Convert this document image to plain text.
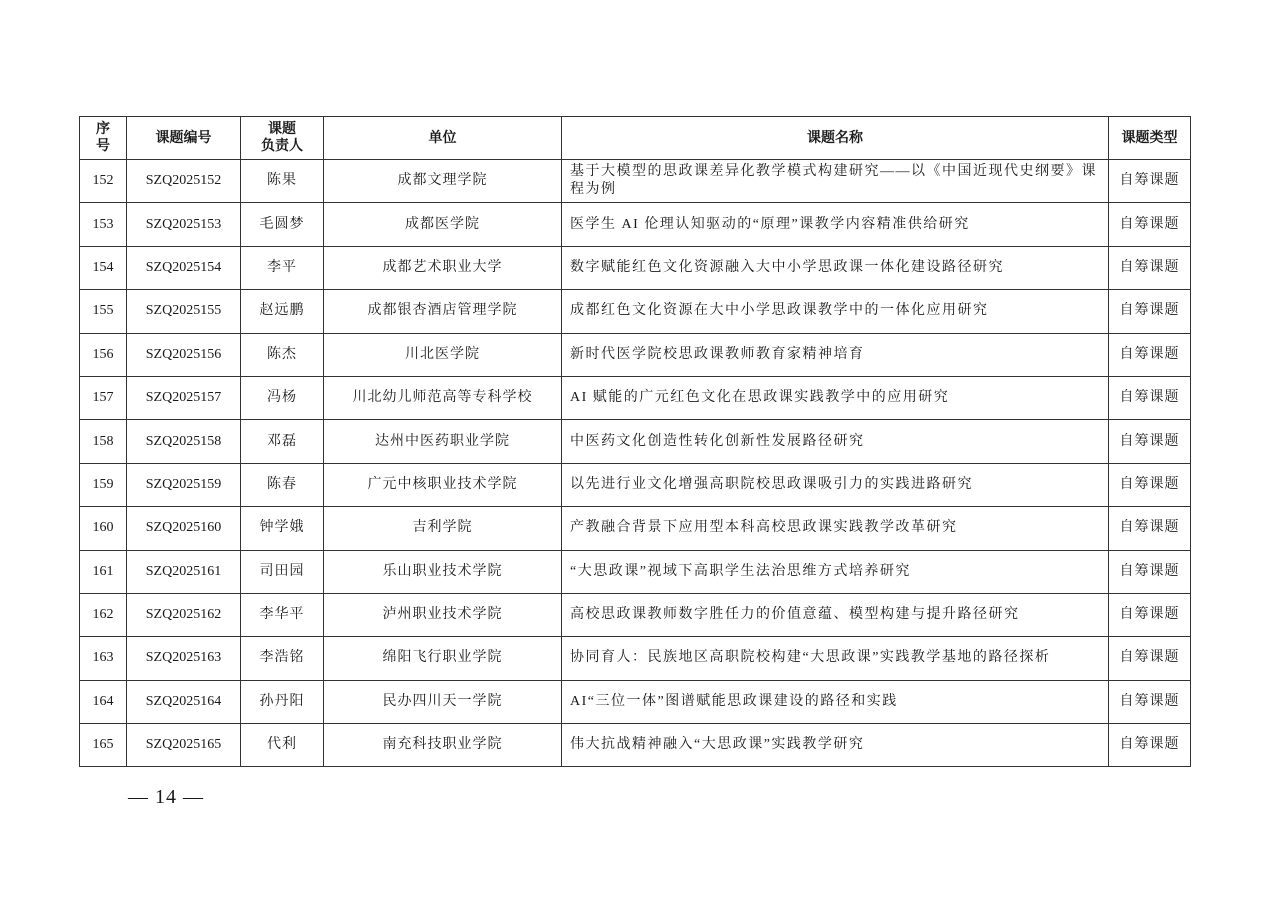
序
号	课题编号	课题负责人	单位	课题名称	课题类型
152	SZQ2025152	陈果	成都文理学院	基于大模型的思政课差异化教学模式构建研究——以《中国近现代史纲要》课程为例	自筹课题
153	SZQ2025153	毛圆梦	成都医学院	医学生 AI 伦理认知驱动的“原理”课教学内容精准供给研究	自筹课题
154	SZQ2025154	李平	成都艺术职业大学	数字赋能红色文化资源融入大中小学思政课一体化建设路径研究	自筹课题
155	SZQ2025155	赵远鹏	成都银杏酒店管理学院	成都红色文化资源在大中小学思政课教学中的一体化应用研究	自筹课题
156	SZQ2025156	陈杰	川北医学院	新时代医学院校思政课教师教育家精神培育	自筹课题
157	SZQ2025157	冯杨	川北幼儿师范高等专科学校	AI 赋能的广元红色文化在思政课实践教学中的应用研究	自筹课题
158	SZQ2025158	邓磊	达州中医药职业学院	中医药文化创造性转化创新性发展路径研究	自筹课题
159	SZQ2025159	陈春	广元中核职业技术学院	以先进行业文化增强高职院校思政课吸引力的实践进路研究	自筹课题
160	SZQ2025160	钟学娥	吉利学院	产教融合背景下应用型本科高校思政课实践教学改革研究	自筹课题
161	SZQ2025161	司田园	乐山职业技术学院	“大思政课”视域下高职学生法治思维方式培养研究	自筹课题
162	SZQ2025162	李华平	泸州职业技术学院	高校思政课教师数字胜任力的价值意蕴、模型构建与提升路径研究	自筹课题
163	SZQ2025163	李浩铭	绵阳飞行职业学院	协同育人：民族地区高职院校构建“大思政课”实践教学基地的路径探析	自筹课题
164	SZQ2025164	孙丹阳	民办四川天一学院	AI“三位一体”图谱赋能思政课建设的路径和实践	自筹课题
165	SZQ2025165	代利	南充科技职业学院	伟大抗战精神融入“大思政课”实践教学研究	自筹课题
— 14 —
